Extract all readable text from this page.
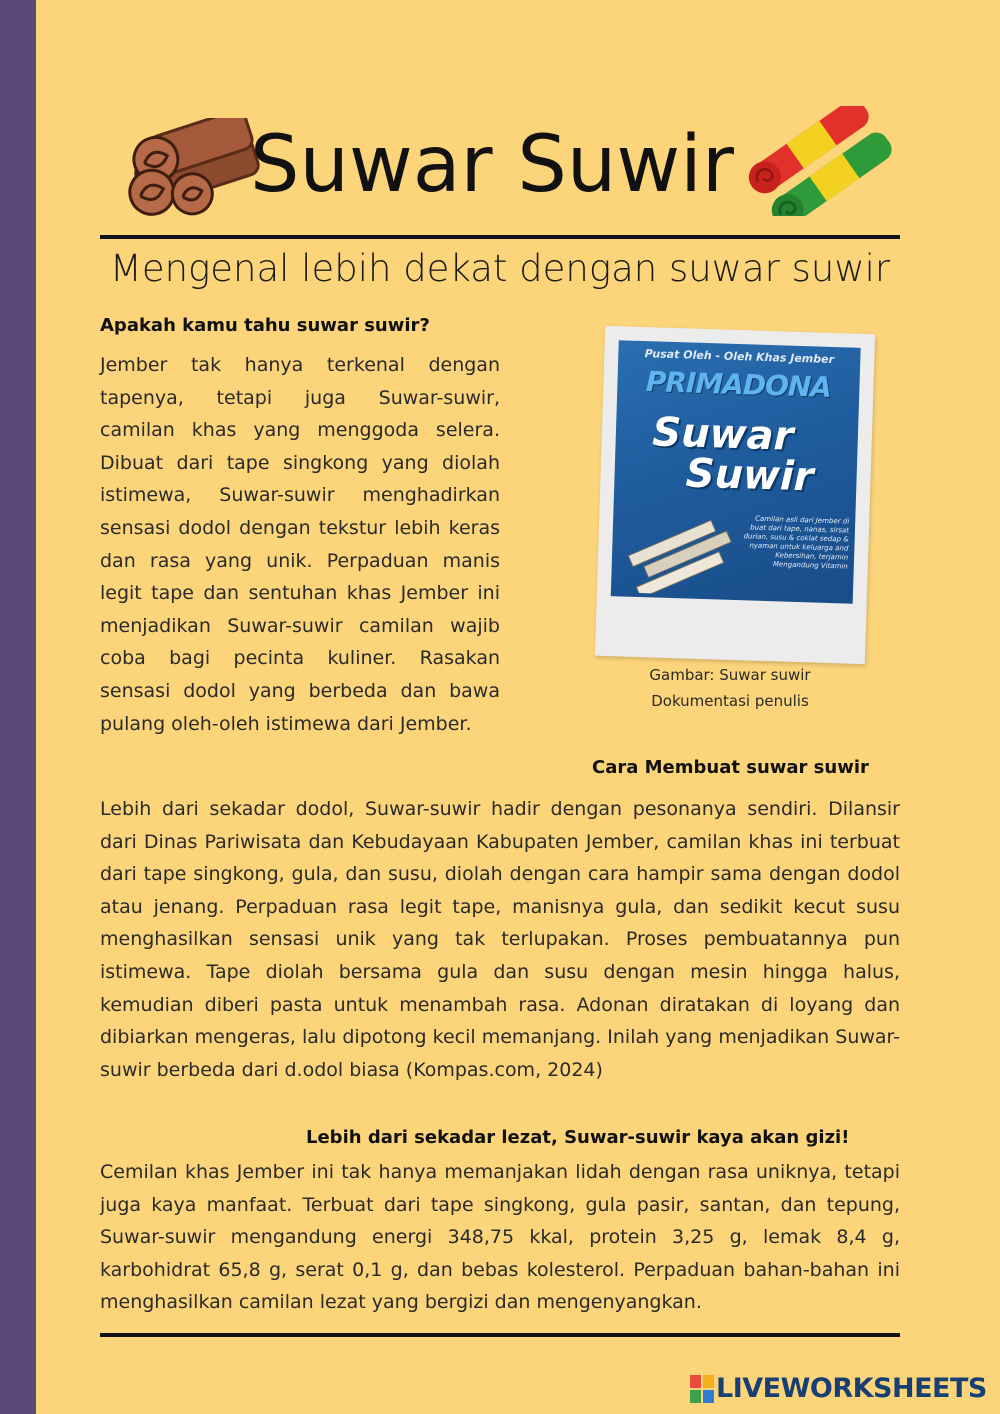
Suwar Suwir
Mengenal lebih dekat dengan suwar suwir
Apakah kamu tahu suwar suwir?
Jember tak hanya terkenal dengan tapenya, tetapi juga Suwar-suwir, camilan khas yang menggoda selera. Dibuat dari tape singkong yang diolah istimewa, Suwar-suwir menghadirkan sensasi dodol dengan tekstur lebih keras dan rasa yang unik. Perpaduan manis legit tape dan sentuhan khas Jember ini menjadikan Suwar-suwir camilan wajib coba bagi pecinta kuliner. Rasakan sensasi dodol yang berbeda dan bawa pulang oleh-oleh istimewa dari Jember.
Pusat Oleh - Oleh Khas Jember
PRIMADONA
Suwar
Suwir
Camilan asli dari Jember di buat dari tape, nanas, sirsat durian, susu & coklat sedap & nyaman untuk keluarga and Kebersihan, terjamin Mengandung Vitamin
Gambar: Suwar suwir
Dokumentasi penulis
Cara Membuat suwar suwir
Lebih dari sekadar dodol, Suwar-suwir hadir dengan pesonanya sendiri. Dilansir dari Dinas Pariwisata dan Kebudayaan Kabupaten Jember, camilan khas ini terbuat dari tape singkong, gula, dan susu, diolah dengan cara hampir sama dengan dodol atau jenang. Perpaduan rasa legit tape, manisnya gula, dan sedikit kecut susu menghasilkan sensasi unik yang tak terlupakan. Proses pembuatannya pun istimewa. Tape diolah bersama gula dan susu dengan mesin hingga halus, kemudian diberi pasta untuk menambah rasa. Adonan diratakan di loyang dan dibiarkan mengeras, lalu dipotong kecil memanjang. Inilah yang menjadikan Suwar-suwir berbeda dari d.odol biasa (Kompas.com, 2024)
Lebih dari sekadar lezat, Suwar-suwir kaya akan gizi!
Cemilan khas Jember ini tak hanya memanjakan lidah dengan rasa uniknya, tetapi juga kaya manfaat. Terbuat dari tape singkong, gula pasir, santan, dan tepung, Suwar-suwir mengandung energi 348,75 kkal, protein 3,25 g, lemak 8,4 g, karbohidrat 65,8 g, serat 0,1 g, dan bebas kolesterol. Perpaduan bahan-bahan ini menghasilkan camilan lezat yang bergizi dan mengenyangkan.
LIVEWORKSHEETS
